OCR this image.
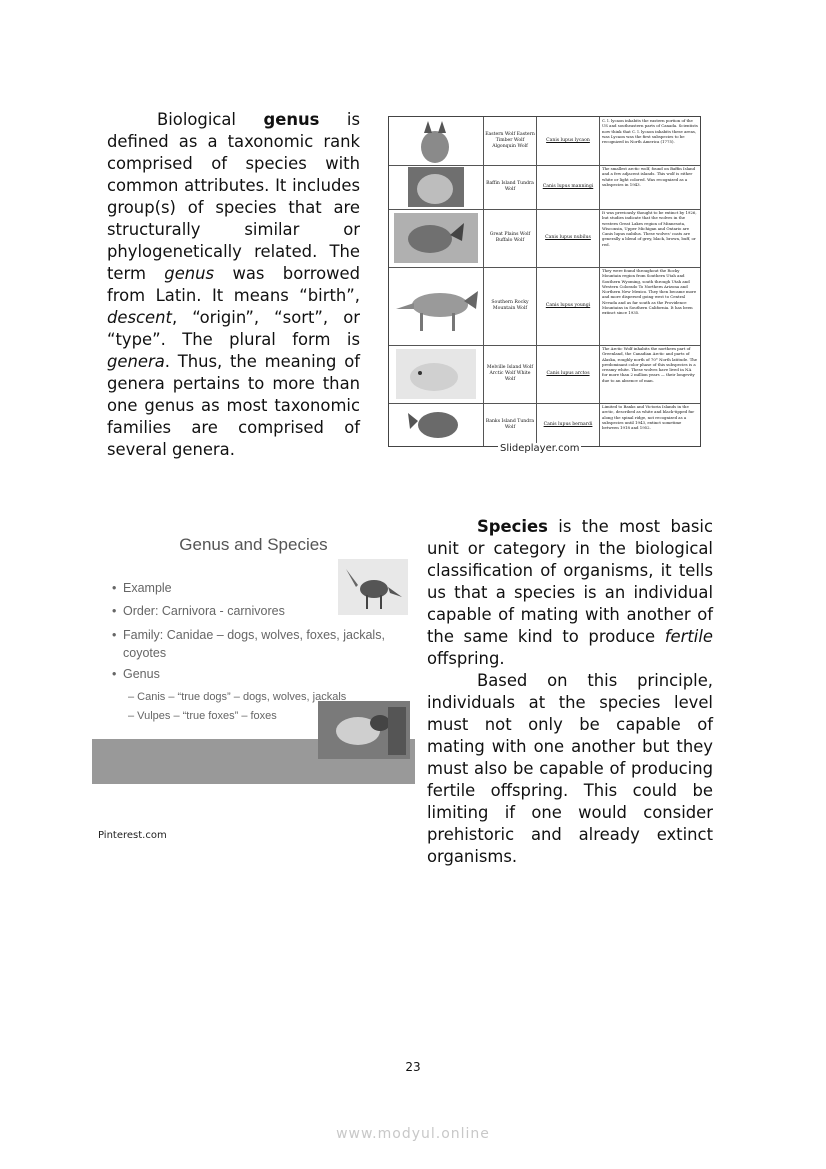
Biological genus is defined as a taxonomic rank comprised of species with common attributes. It includes group(s) of species that are structurally similar or phylogenetically related. The term genus was borrowed from Latin. It means “birth”, descent, “origin”, “sort”, or “type”. The plural form is genera. Thus, the meaning of genera pertains to more than one genus as most taxonomic families are comprised of several genera.
Eastern Wolf Eastern Timber Wolf Algonquin Wolf
Canis lupus lycaon
C. l. lycaon inhabits the eastern portion of the US and southeastern parts of Canada. Scientists now think that C. l. lycaon inhabits these areas, was Lycaon was the first subspecies to be recognized in North America (1775).
Baffin Island Tundra Wolf
Canis lupus manningi
The smallest arctic wolf, found on Baffin Island and a few adjacent islands. This wolf is either white or light colored. Was recognized as a subspecies in 1943.
Great Plains Wolf Buffalo Wolf
Canis lupus nubilus
It was previously thought to be extinct by 1926, but studies indicate that the wolves in the western Great Lakes region of Minnesota, Wisconsin, Upper Michigan and Ontario are Canis lupus nubilus. These wolves' coats are generally a blend of grey, black, brown, buff, or red.
Southern Rocky Mountain Wolf
Canis lupus youngi
They were found throughout the Rocky Mountain region from Southern Utah and Southern Wyoming, south through Utah and Western Colorado To Northern Arizona and Northern New Mexico. They then became more and more dispersed going west to Central Nevada and as far south as the Providence Mountains in Southern California. It has been extinct since 1935.
Melville Island Wolf Arctic Wolf White Wolf
Canis lupus arctos
The Arctic Wolf inhabits the northern part of Greenland, the Canadian Arctic and parts of Alaska, roughly north of 70° North latitude. The predominant color phase of this subspecies is a creamy white. These wolves have lived in NA for more than 2 million years — their longevity due to an absence of man.
Banks Island Tundra Wolf
Canis lupus bernardi
Limited to Banks and Victoria Islands in the arctic, described as white and black-tipped fur along the spinal ridge, not recognized as a subspecies until 1943, extinct sometime between 1918 and 1952.
Slideplayer.com
Genus and Species
• Example
• Order: Carnivora - carnivores
• Family: Canidae – dogs, wolves, foxes, jackals,
coyotes
• Genus
– Canis – “true dogs” – dogs, wolves, jackals
– Vulpes – “true foxes” – foxes
Pinterest.com
Species is the most basic unit or category in the biological classification of organisms, it tells us that a species is an individual capable of mating with another of the same kind to produce fertile offspring.
Based on this principle, individuals at the species level must not only be capable of mating with one another but they must also be capable of producing fertile offspring. This could be limiting if one would consider prehistoric and already extinct organisms.
23
www.modyul.online
